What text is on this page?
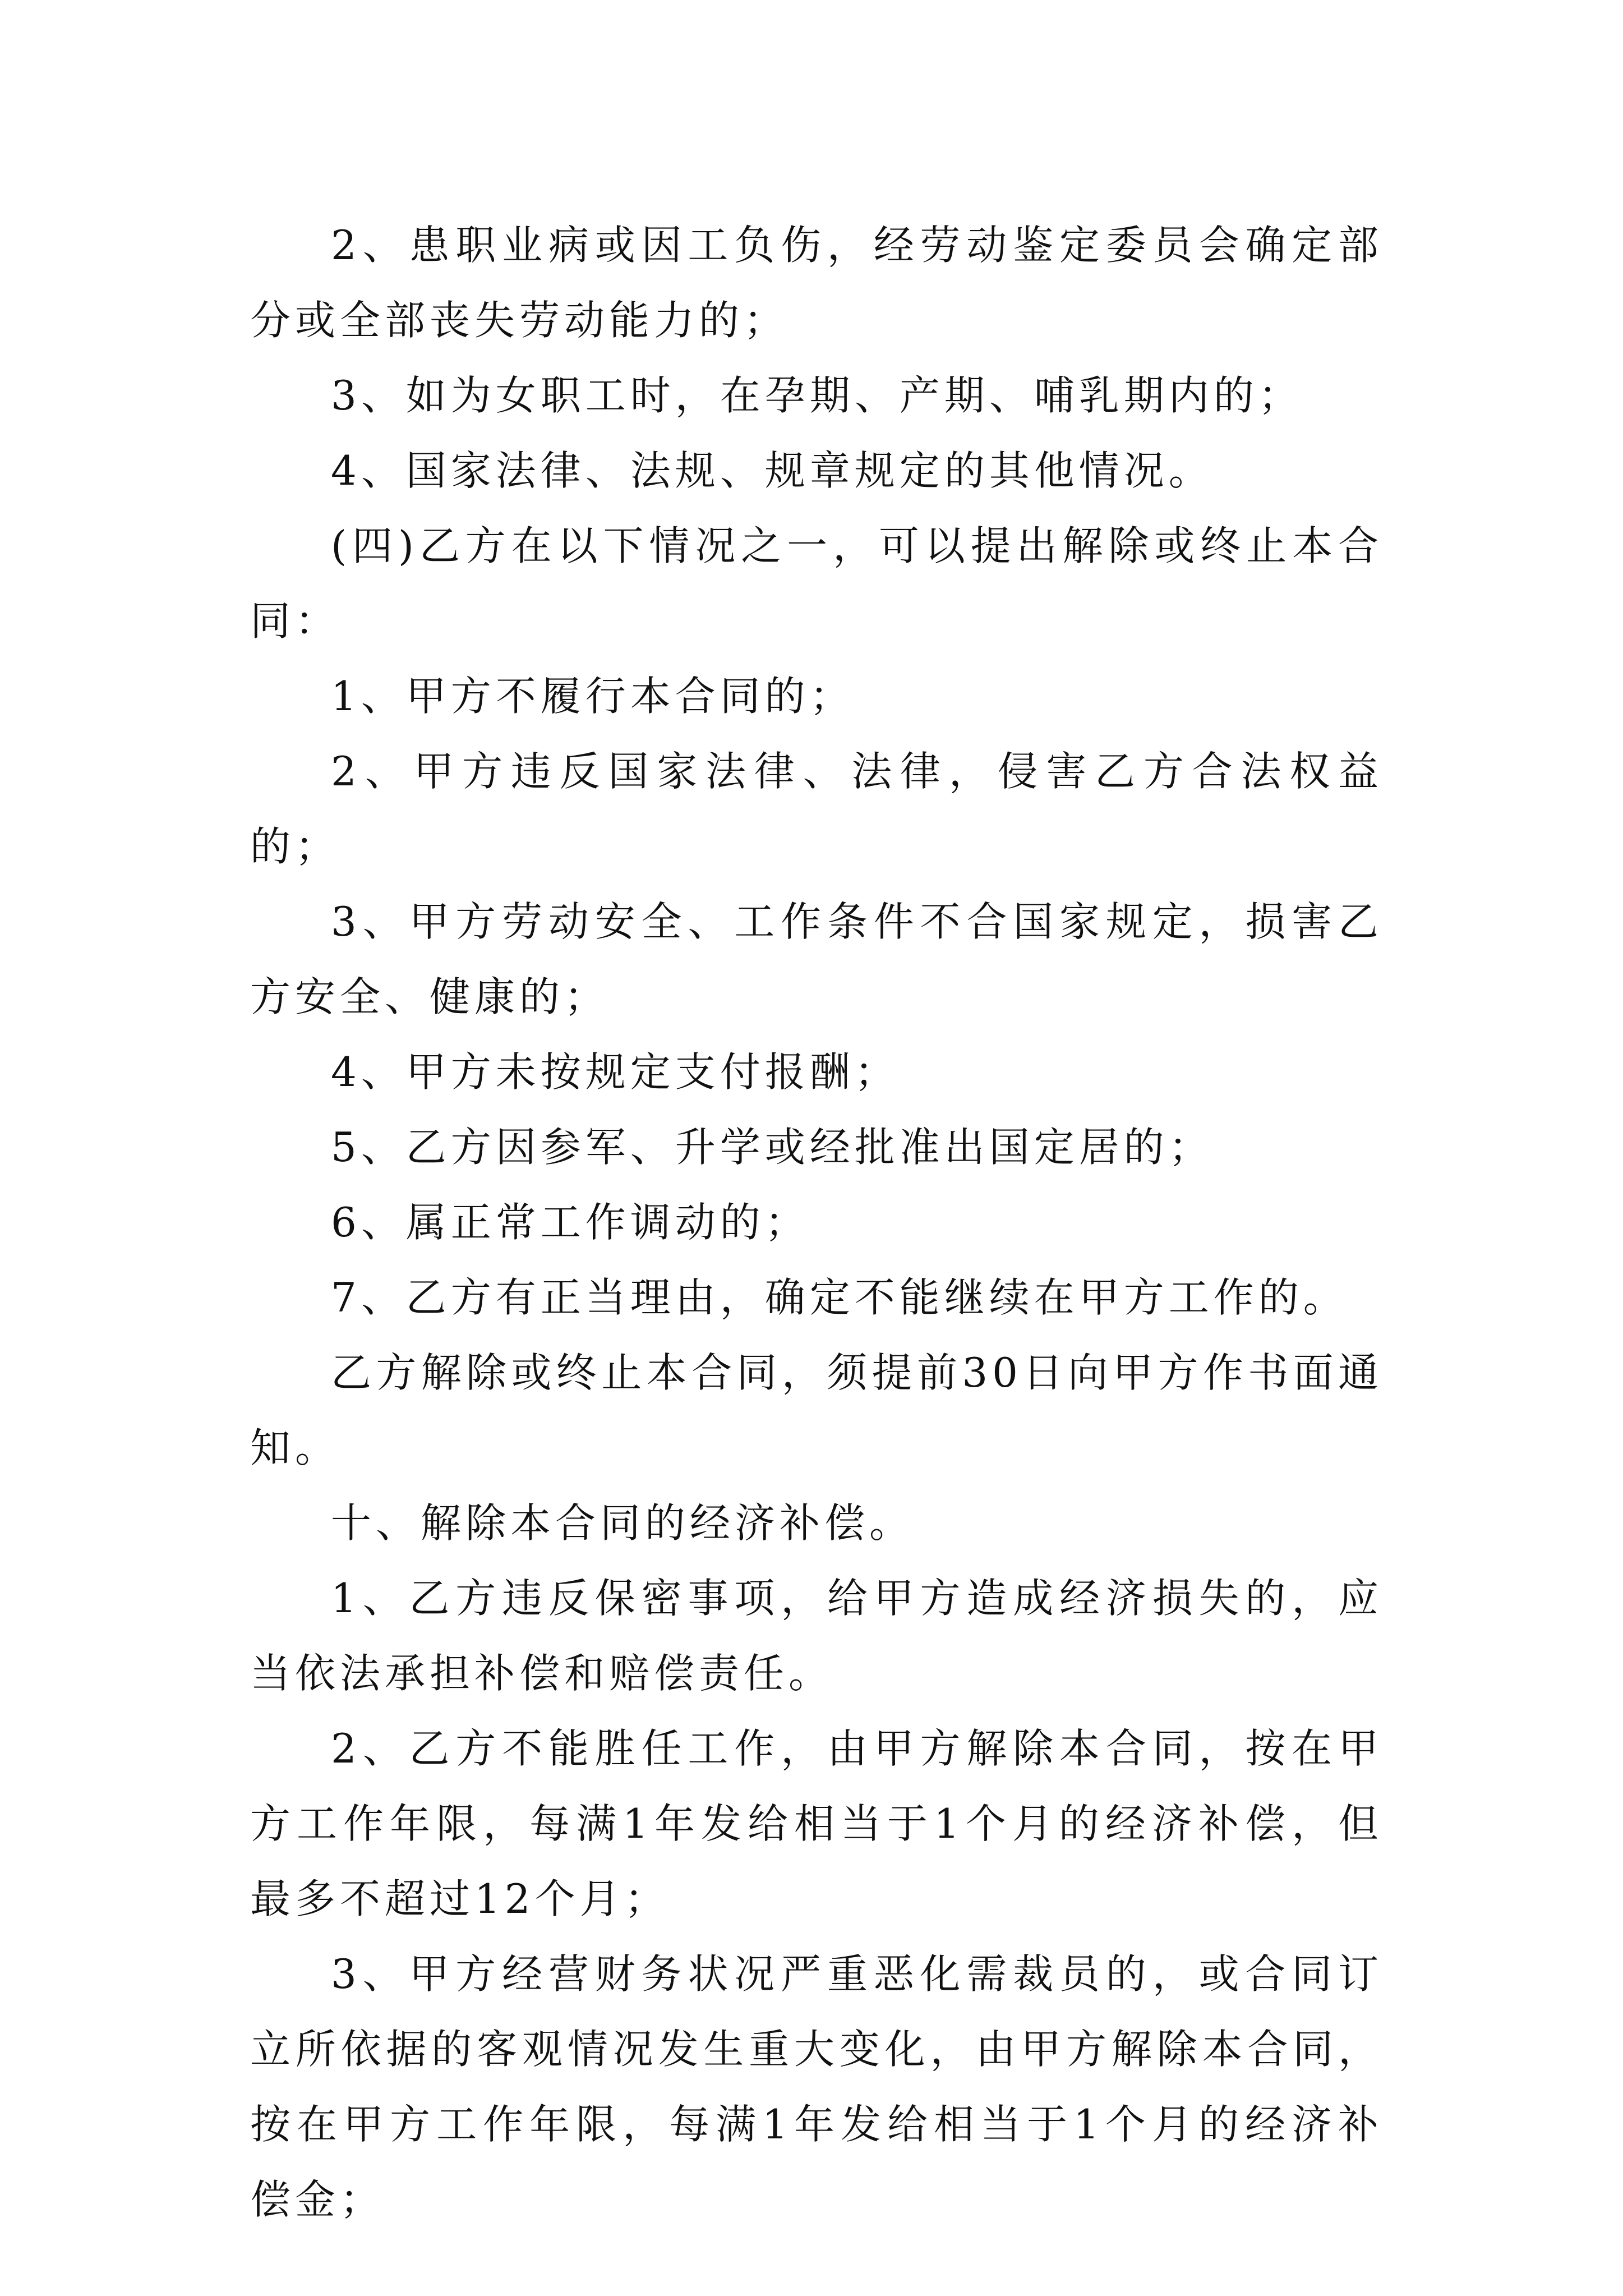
2、患职业病或因工负伤，经劳动鉴定委员会确定部分或全部丧失劳动能力的；

3、如为女职工时，在孕期、产期、哺乳期内的；

4、国家法律、法规、规章规定的其他情况。

(四)乙方在以下情况之一，可以提出解除或终止本合同：

1、甲方不履行本合同的；

2、甲方违反国家法律、法律，侵害乙方合法权益的；

3、甲方劳动安全、工作条件不合国家规定，损害乙方安全、健康的；

4、甲方未按规定支付报酬；

5、乙方因参军、升学或经批准出国定居的；

6、属正常工作调动的；

7、乙方有正当理由，确定不能继续在甲方工作的。

乙方解除或终止本合同，须提前30日向甲方作书面通知。

十、解除本合同的经济补偿。

1、乙方违反保密事项，给甲方造成经济损失的，应当依法承担补偿和赔偿责任。

2、乙方不能胜任工作，由甲方解除本合同，按在甲方工作年限，每满1年发给相当于1个月的经济补偿，但最多不超过12个月；

3、甲方经营财务状况严重恶化需裁员的，或合同订立所依据的客观情况发生重大变化，由甲方解除本合同，按在甲方工作年限，每满1年发给相当于1个月的经济补偿金；
